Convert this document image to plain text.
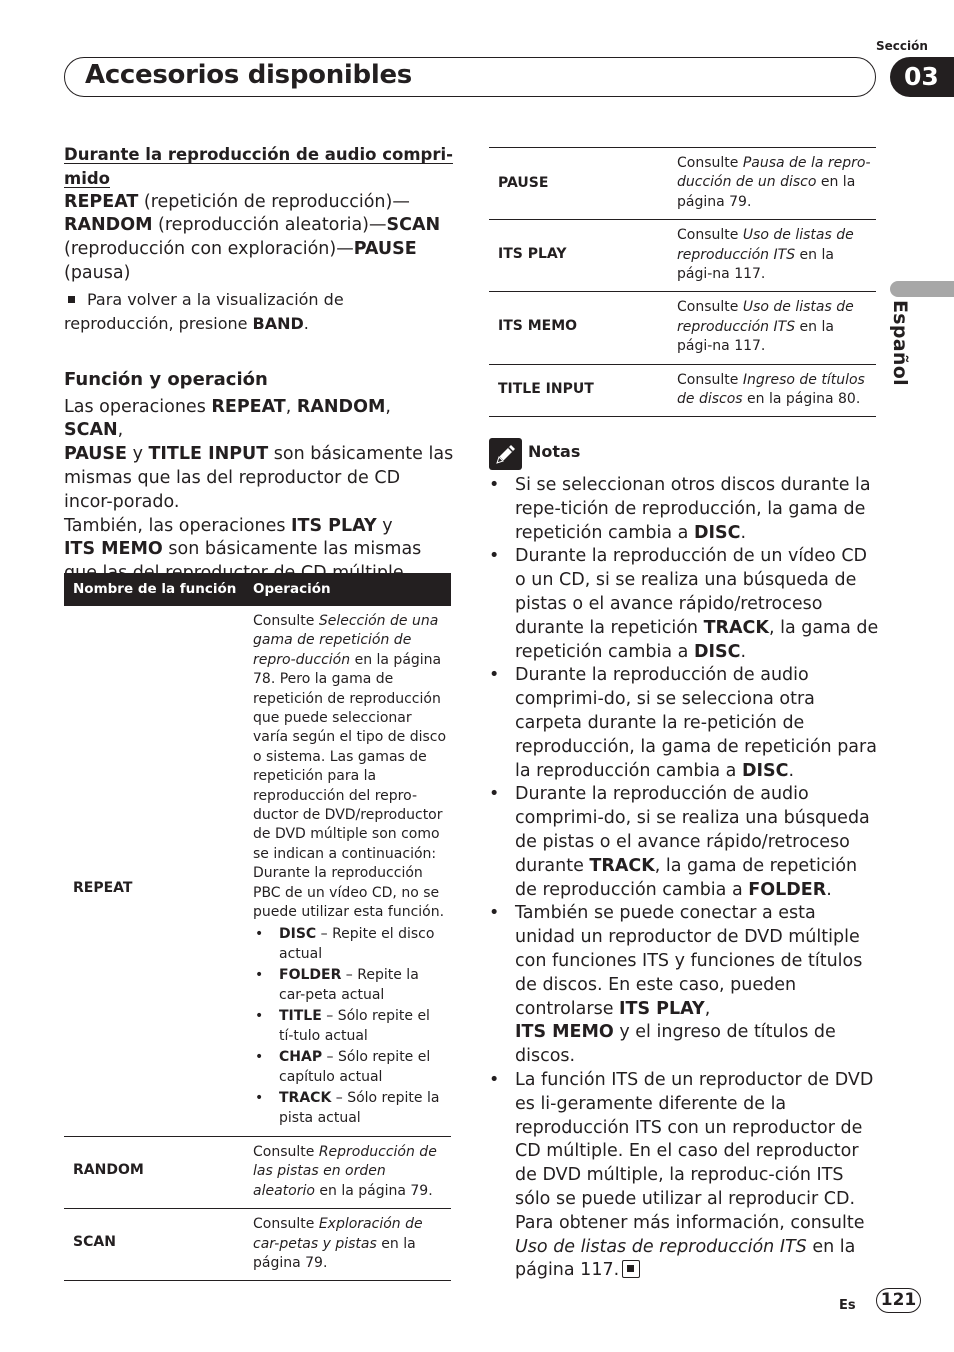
Sección
Accesorios disponibles	03
Español
Durante la reproducción de audio compri-mido

REPEAT (repetición de reproducción)—
RANDOM (reproducción aleatoria)—SCAN
(reproducción con exploración)—PAUSE
(pausa)

Para volver a la visualización de reproducción, presione BAND.

Función y operación

Las operaciones REPEAT, RANDOM, SCAN,
PAUSE y TITLE INPUT son básicamente las mismas que las del reproductor de CD incor-porado.

También, las operaciones ITS PLAY y
ITS MEMO son básicamente las mismas

Nombre de la función Operación
REPEAT
Consulte Selección de una gama de repetición de repro-ducción en la página 78. Pero la gama de repetición de reproducción que puede seleccionar varía según el tipo de disco o sistema. Las gamas de repetición para la reproducción del repro-ductor de DVD/reproductor de DVD múltiple son como se indican a continuación: Durante la reproducción PBC de un vídeo CD, no se puede utilizar esta función.
• DISC – Repite el disco actual
• FOLDER – Repite la car-peta actual
• TITLE – Sólo repite el tí-tulo actual
• CHAP – Sólo repite el capítulo actual
• TRACK – Sólo repite la pista actual
RANDOM
Consulte Reproducción de las pistas en orden aleatorio en la página 79.
SCAN
Consulte Exploración de car-petas y pistas en la página 79.
PAUSE
Consulte Pausa de la repro-ducción de un disco en la página 79.
ITS PLAY
Consulte Uso de listas de reproducción ITS en la pági-na 117.
ITS MEMO
Consulte Uso de listas de reproducción ITS en la pági-na 117.
TITLE INPUT
Consulte Ingreso de títulos de discos en la página 80.
Notas
• Si se seleccionan otros discos durante la repe-tición de reproducción, la gama de repetición cambia a DISC.
• Durante la reproducción de un vídeo CD o un CD, si se realiza una búsqueda de pistas o el avance rápido/retroceso durante la repetición TRACK, la gama de repetición cambia a DISC.
• Durante la reproducción de audio comprimi-do, si se selecciona otra carpeta durante la re-petición de reproducción, la gama de repetición para la reproducción cambia a DISC.
• Durante la reproducción de audio comprimi-do, si se realiza una búsqueda de pistas o el avance rápido/retroceso durante TRACK, la gama de repetición de reproducción cambia a FOLDER.
• También se puede conectar a esta unidad un reproductor de DVD múltiple con funciones ITS y funciones de títulos de discos. En este caso, pueden controlarse ITS PLAY,
ITS MEMO y el ingreso de títulos de discos.
• La función ITS de un reproductor de DVD es li-geramente diferente de la reproducción ITS con un reproductor de CD múltiple. En el caso del reproductor de DVD múltiple, la reproduc-ción ITS sólo se puede utilizar al reproducir CD. Para obtener más información, consulte Uso de listas de reproducción ITS en la página 117.
Es 121
